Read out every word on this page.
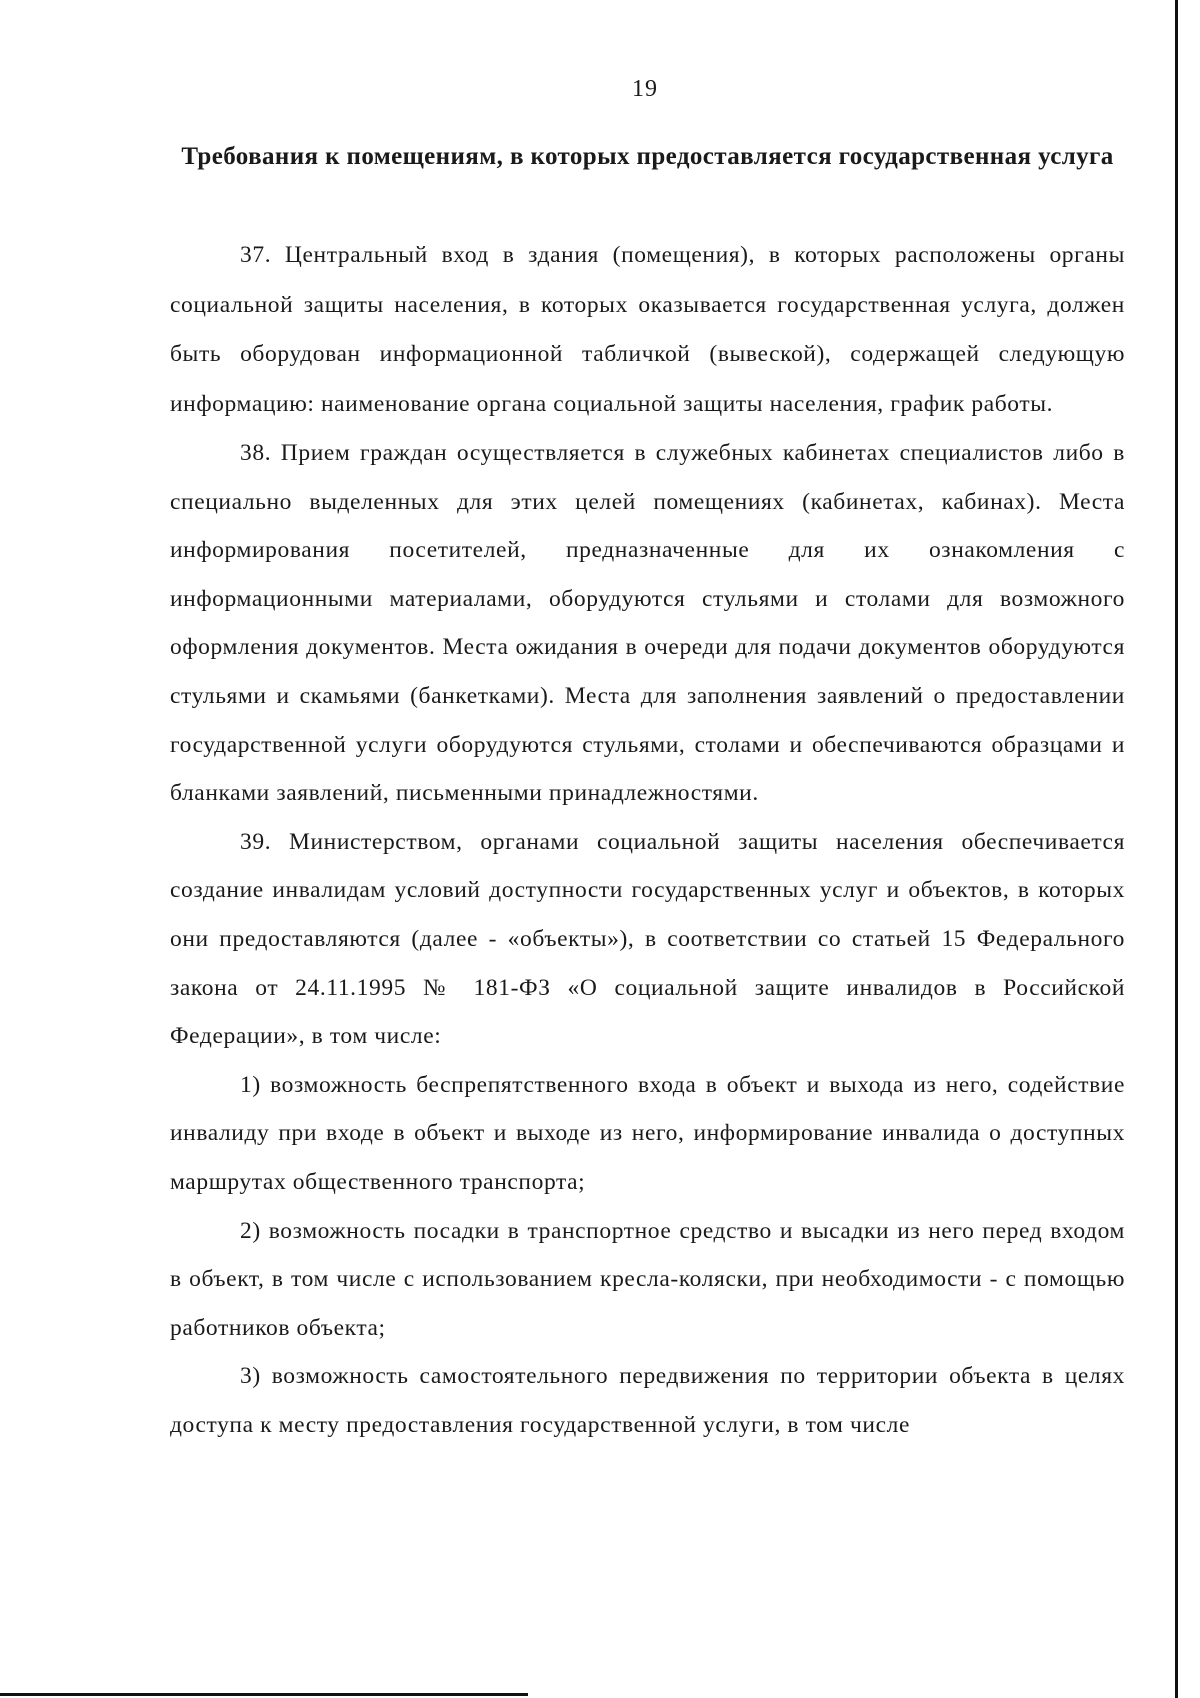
19
Требования к помещениям, в которых предоставляется государственная услуга

37. Центральный вход в здания (помещения), в которых расположены органы социальной защиты населения, в которых оказывается государственная услуга, должен быть оборудован информационной табличкой (вывеской), содержащей следующую информацию: наименование органа социальной защиты населения, график работы.

38. Прием граждан осуществляется в служебных кабинетах специалистов либо в специально выделенных для этих целей помещениях (кабинетах, кабинах). Места информирования посетителей, предназначенные для их ознакомления с информационными материалами, оборудуются стульями и столами для возможного оформления документов. Места ожидания в очереди для подачи документов оборудуются стульями и скамьями (банкетками). Места для заполнения заявлений о предоставлении государственной услуги оборудуются стульями, столами и обеспечиваются образцами и бланками заявлений, письменными принадлежностями.

39. Министерством, органами социальной защиты населения обеспечивается создание инвалидам условий доступности государственных услуг и объектов, в которых они предоставляются (далее - «объекты»), в соответствии со статьей 15 Федерального закона от 24.11.1995 № 181-ФЗ «О социальной защите инвалидов в Российской Федерации», в том числе:

1) возможность беспрепятственного входа в объект и выхода из него, содействие инвалиду при входе в объект и выходе из него, информирование инвалида о доступных маршрутах общественного транспорта;

2) возможность посадки в транспортное средство и высадки из него перед входом в объект, в том числе с использованием кресла-коляски, при необходимости - с помощью работников объекта;

3) возможность самостоятельного передвижения по территории объекта в целях доступа к месту предоставления государственной услуги, в том числе
